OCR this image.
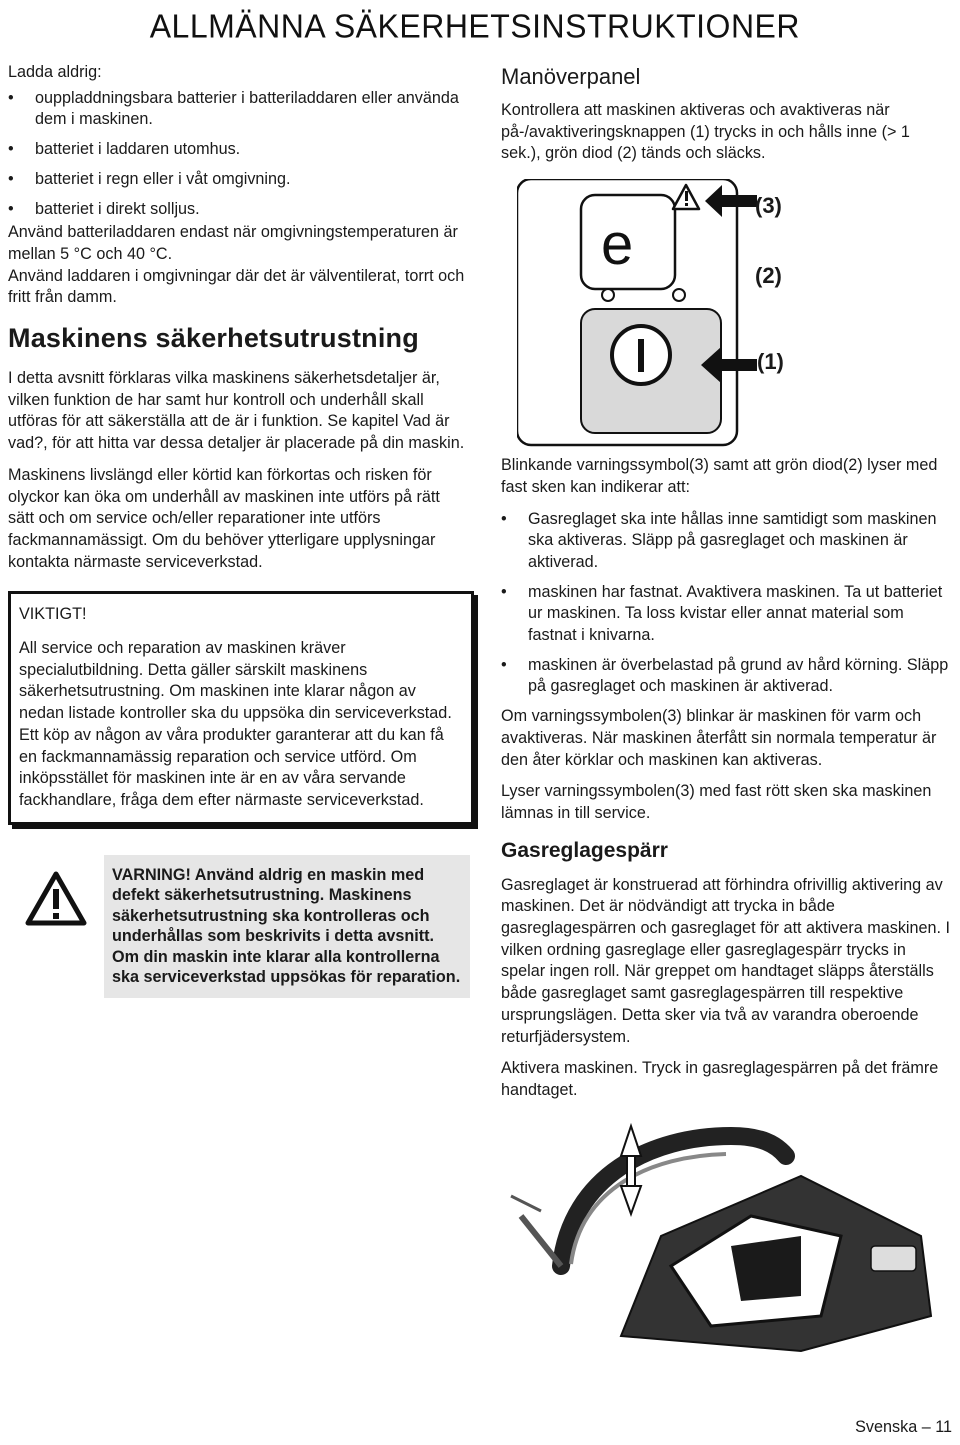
ALLMÄNNA SÄKERHETSINSTRUKTIONER

Ladda aldrig:

• ouppladdningsbara batterier i batteriladdaren eller använda dem i maskinen.
• batteriet i laddaren utomhus.
• batteriet i regn eller i våt omgivning.
• batteriet i direkt solljus.

Använd batteriladdaren endast när omgivningstemperaturen är mellan 5 °C och 40 °C.

Använd laddaren i omgivningar där det är välventilerat, torrt och fritt från damm.

Maskinens säkerhetsutrustning

I detta avsnitt förklaras vilka maskinens säkerhetsdetaljer är, vilken funktion de har samt hur kontroll och underhåll skall utföras för att säkerställa att de är i funktion. Se kapitel Vad är vad?, för att hitta var dessa detaljer är placerade på din maskin.

Maskinens livslängd eller körtid kan förkortas och risken för olyckor kan öka om underhåll av maskinen inte utförs på rätt sätt och om service och/eller reparationer inte utförs fackmannamässigt. Om du behöver ytterligare upplysningar kontakta närmaste serviceverkstad.

VIKTIGT!

All service och reparation av maskinen kräver specialutbildning. Detta gäller särskilt maskinens säkerhetsutrustning. Om maskinen inte klarar någon av nedan listade kontroller ska du uppsöka din serviceverkstad. Ett köp av någon av våra produkter garanterar att du kan få en fackmannamässig reparation och service utförd. Om inköpsstället för maskinen inte är en av våra servande fackhandlare, fråga dem efter närmaste serviceverkstad.

VARNING! Använd aldrig en maskin med defekt säkerhetsutrustning. Maskinens säkerhetsutrustning ska kontrolleras och underhållas som beskrivits i detta avsnitt. Om din maskin inte klarar alla kontrollerna ska serviceverkstad uppsökas för reparation.
Manöverpanel

Kontrollera att maskinen aktiveras och avaktiveras när på-/avaktiveringsknappen (1) trycks in och hålls inne (> 1 sek.), grön diod (2) tänds och släcks.

e
(3)
(2)
(1)

Blinkande varningssymbol(3) samt att grön diod(2) lyser med fast sken kan indikerar att:

• Gasreglaget ska inte hållas inne samtidigt som maskinen ska aktiveras. Släpp på gasreglaget och maskinen är aktiverad.
• maskinen har fastnat. Avaktivera maskinen. Ta ut batteriet ur maskinen. Ta loss kvistar eller annat material som fastnat i knivarna.
• maskinen är överbelastad på grund av hård körning. Släpp på gasreglaget och maskinen är aktiverad.

Om varningssymbolen(3) blinkar är maskinen för varm och avaktiveras. När maskinen återfått sin normala temperatur är den åter körklar och maskinen kan aktiveras.

Lyser varningssymbolen(3) med fast rött sken ska maskinen lämnas in till service.

Gasreglagespärr

Gasreglaget är konstruerad att förhindra ofrivillig aktivering av maskinen. Det är nödvändigt att trycka in både gasreglagespärren och gasreglaget för att aktivera maskinen. I vilken ordning gasreglage eller gasreglagespärr trycks in spelar ingen roll. När greppet om handtaget släpps återställs både gasreglaget samt gasreglagespärren till respektive ursprungslägen. Detta sker via två av varandra oberoende returfjädersystem.

Aktivera maskinen. Tryck in gasreglagespärren på det främre handtaget.

Svenska – 11
